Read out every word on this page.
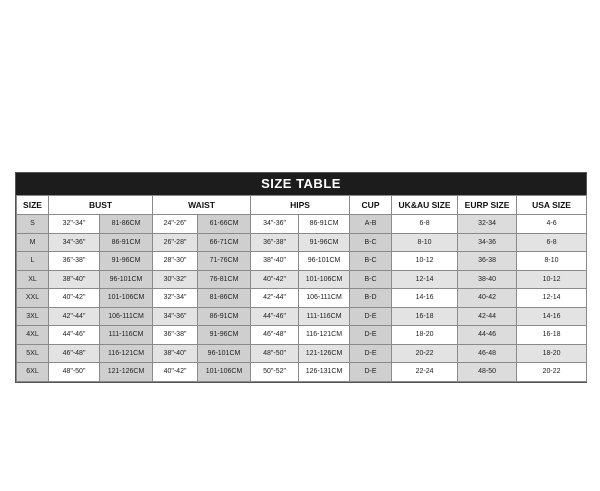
SIZE TABLE
SIZE	BUST		WAIST		HIPS		CUP	UK&AU SIZE	EURP SIZE	USA SIZE
S	32"-34"	81-86CM	24"-26"	61-66CM	34"-36"	86-91CM	A-B	6-8	32-34	4-6
M	34"-36"	86-91CM	26"-28"	66-71CM	36"-38"	91-96CM	B-C	8-10	34-36	6-8
L	36"-38"	91-96CM	28"-30"	71-76CM	38"-40"	96-101CM	B-C	10-12	36-38	8-10
XL	38"-40"	96-101CM	30"-32"	76-81CM	40"-42"	101-106CM	B-C	12-14	38-40	10-12
XXL	40"-42"	101-106CM	32"-34"	81-86CM	42"-44"	106-111CM	B-D	14-16	40-42	12-14
3XL	42"-44"	106-111CM	34"-36"	86-91CM	44"-46"	111-116CM	D-E	16-18	42-44	14-16
4XL	44"-46"	111-116CM	36"-38"	91-96CM	46"-48"	116-121CM	D-E	18-20	44-46	16-18
5XL	46"-48"	116-121CM	38"-40"	96-101CM	48"-50"	121-126CM	D-E	20-22	46-48	18-20
6XL	48"-50"	121-126CM	40"-42"	101-106CM	50"-52"	126-131CM	D-E	22-24	48-50	20-22
